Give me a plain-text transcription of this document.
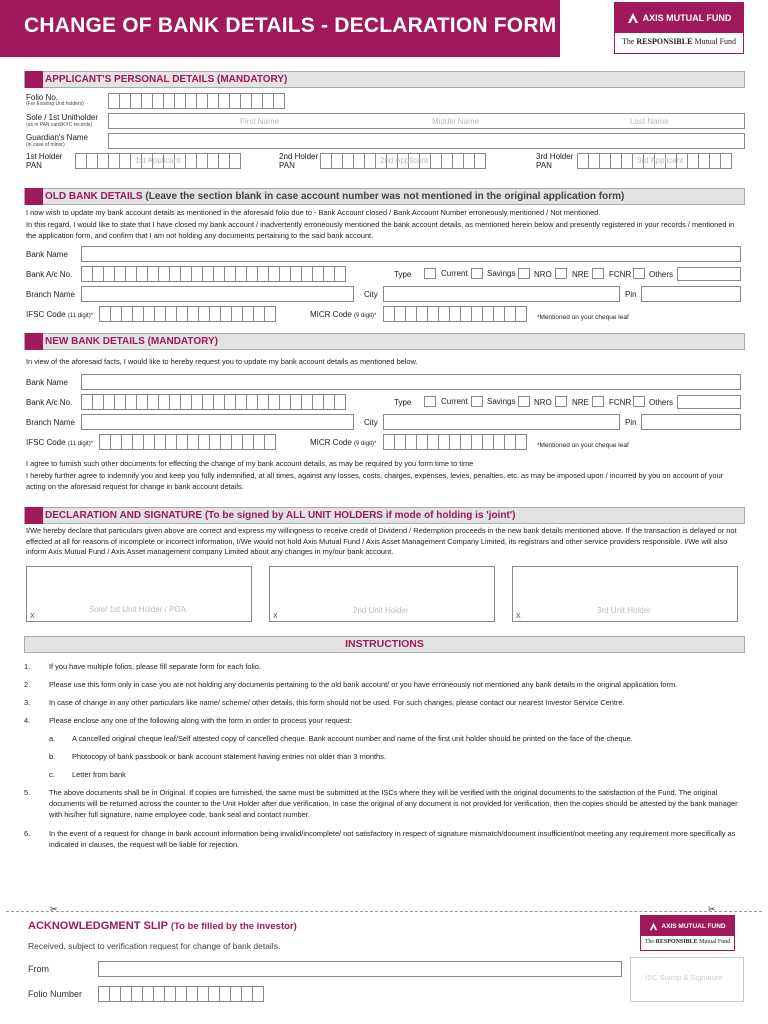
CHANGE OF BANK DETAILS - DECLARATION FORM	AXIS MUTUAL FUND
The RESPONSIBLE Mutual Fund
APPLICANT'S PERSONAL DETAILS (MANDATORY)
Folio No.
(For Existing Unit holders)
Sole / 1st Unitholder
(as in PAN card/KYC records)	First Name	Middle Name	Last Name
Guardian's Name
(in case of minor)
1st Holder
PAN
1st Applicant	2nd Holder
PAN
2nd Applicant	3rd Holder
PAN
3rd Applicant
OLD BANK DETAILS (Leave the section blank in case account number was not mentioned in the original application form)
I now wish to update my bank account details as mentioned in the aforesaid folio due to - Bank Account closed / Bank Account Number erroneously mentioned / Not mentioned.
In this regard, I would like to state that I have closed my bank account / inadvertently erroneously mentioned the bank account details, as mentioned herein below and presently registered in your records / mentioned in the application form, and confirm that I am not holding any documents pertaining to the said bank account.
Bank Name
Bank A/c No.	Type	Current Savings NRO	NRE	FCNR Others
Branch Name	City	Pin
IFSC Code (11 digit)*	MICR Code (9 digit)*	*Mentioned on your cheque leaf
NEW BANK DETAILS (MANDATORY)
In view of the aforesaid facts, I would like to hereby request you to update my bank account details as mentioned below.
Bank Name
Bank A/c No.	Type	Current Savings NRO	NRE	FCNR Others
Branch Name	City	Pin
IFSC Code (11 digit)*	MICR Code (9 digit)*	*Mentioned on your cheque leaf
I agree to furnish such other documents for effecting the change of my bank account details, as may be required by you form time to time
I hereby further agree to indemnify you and keep you fully indemnified, at all times, against any losses, costs, charges, expenses, levies, penalties, etc. as may be imposed upon / incurred by you on account of your acting on the aforesaid request for change in bank account details.
DECLARATION AND SIGNATURE (To be signed by ALL UNIT HOLDERS if mode of holding is 'joint')
I/We hereby declare that particulars given above are correct and express my willingness to receive credit of Dividend / Redemption proceeds in the new bank details mentioned above. If the transaction is delayed or not effected at all for reasons of incomplete or incorrect information, I/We would not hold Axis Mutual Fund / Axis Asset Management Company Limited, its registrars and other service providers responsible. I/We will also inform Axis Mutual Fund / Axis Asset management company Limited about any changes in my/our bank account.
Sole/ 1st Unit Holder / POA
X
2nd Unit Holder
X
3rd Unit Holder
X
INSTRUCTIONS
1.	If you have multiple folios, please fill separate form for each folio.
2.	Please use this form only in case you are not holding any documents pertaining to the old bank account/ or you have erroneously not mentioned any bank details in the original application form.
3.	In case of change in any other particulars like name/ scheme/ other details, this form should not be used. For such changes, please contact our nearest Investor Service Centre.
4.	Please enclose any one of the following along with the form in order to process your request:
a. A cancelled original cheque leaf/Self attested copy of cancelled cheque. Bank account number and name of the first unit holder should be printed on the face of the cheque.
b. Photocopy of bank passbook or bank account statement having entries not older than 3 months.
c. Letter from bank
5.	The above documents shall be in Original. If copies are furnished, the same must be submitted at the ISCs where they will be verified with the original documents to the satisfaction of the Fund. The original documents will be returned across the counter to the Unit Holder after due verification. In case the original of any document is not provided for verification, then the copies should be attested by the bank manager with his/her full signature, name employee code, bank seal and contact number.
6.	In the event of a request for change in bank account information being invalid/incomplete/ not satisfactory in respect of signature mismatch/document insufficient/not meeting any requirement more specifically as indicated in clauses, the request will be liable for rejection.
✂	✂
ACKNOWLEDGMENT SLIP (To be filled by the investor)
Received, subject to verification request for change of bank details.
From
Folio Number
AXIS MUTUAL FUND
The RESPONSIBLE Mutual Fund
ISC Stamp & Signature
